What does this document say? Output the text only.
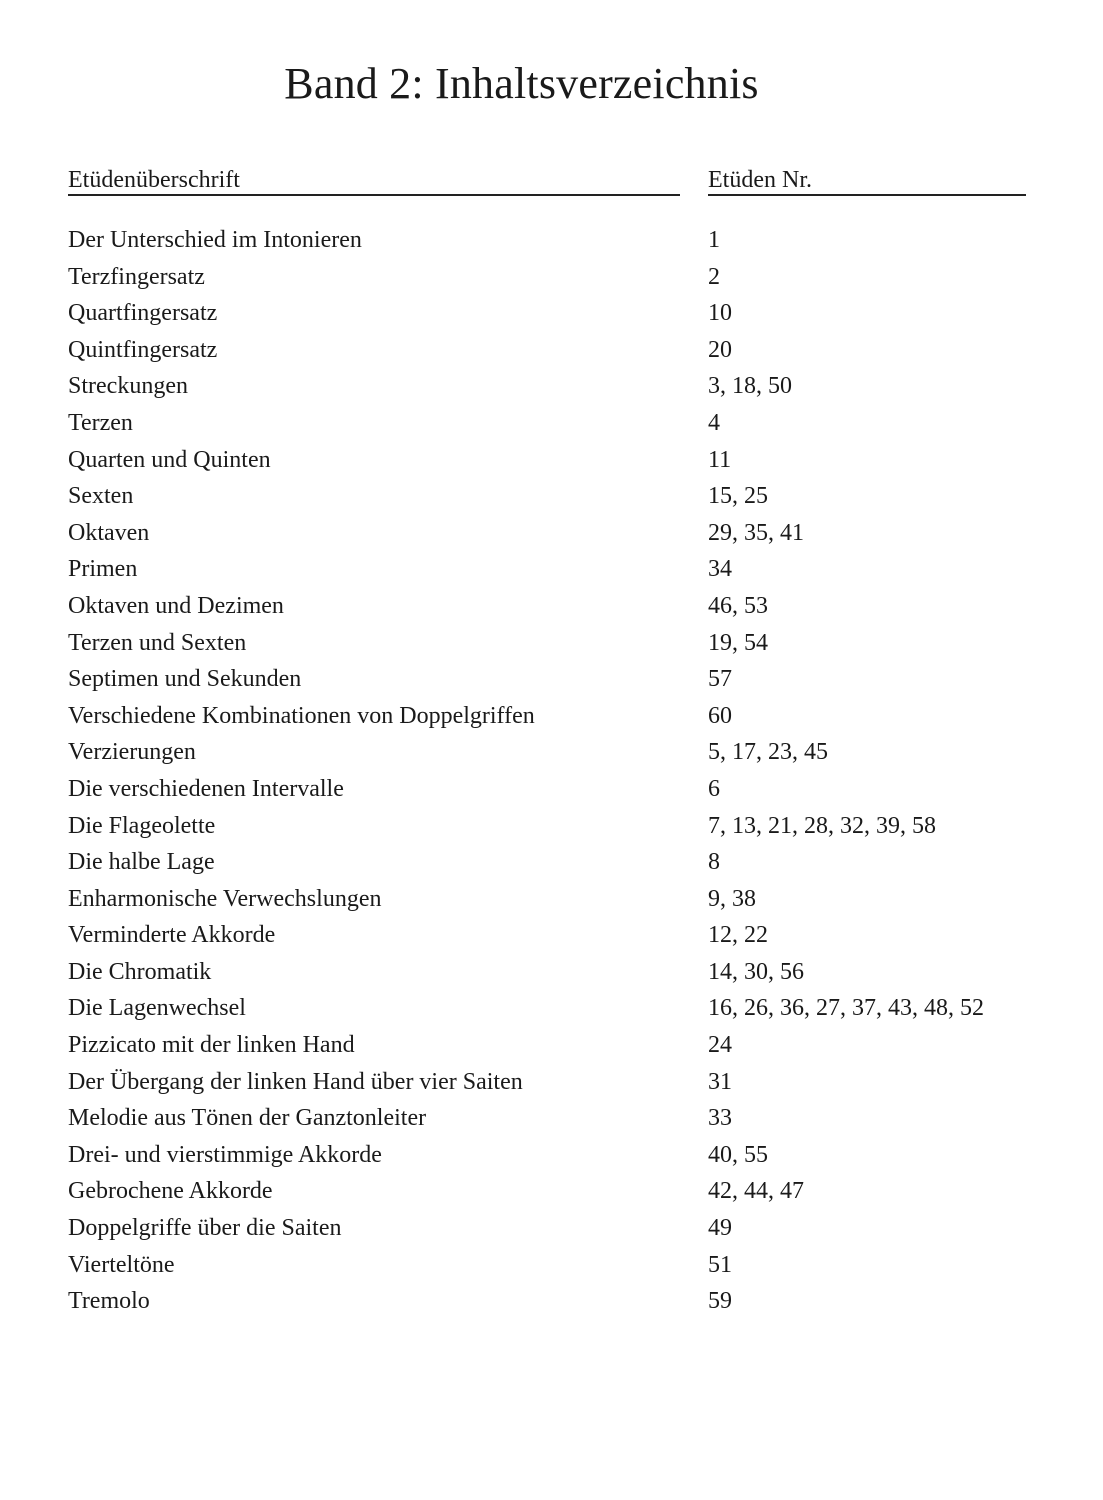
Band 2: Inhaltsverzeichnis
Etüdenüberschrift	Etüden Nr.
Der Unterschied im Intonieren	1
Terzfingersatz	2
Quartfingersatz	10
Quintfingersatz	20
Streckungen	3, 18, 50
Terzen	4
Quarten und Quinten	11
Sexten	15, 25
Oktaven	29, 35, 41
Primen	34
Oktaven und Dezimen	46, 53
Terzen und Sexten	19, 54
Septimen und Sekunden	57
Verschiedene Kombinationen von Doppelgriffen	60
Verzierungen	5, 17, 23, 45
Die verschiedenen Intervalle	6
Die Flageolette	7, 13, 21, 28, 32, 39, 58
Die halbe Lage	8
Enharmonische Verwechslungen	9, 38
Verminderte Akkorde	12, 22
Die Chromatik	14, 30, 56
Die Lagenwechsel	16, 26, 36, 27, 37, 43, 48, 52
Pizzicato mit der linken Hand	24
Der Übergang der linken Hand über vier Saiten	31
Melodie aus Tönen der Ganztonleiter	33
Drei- und vierstimmige Akkorde	40, 55
Gebrochene Akkorde	42, 44, 47
Doppelgriffe über die Saiten	49
Vierteltöne	51
Tremolo	59
